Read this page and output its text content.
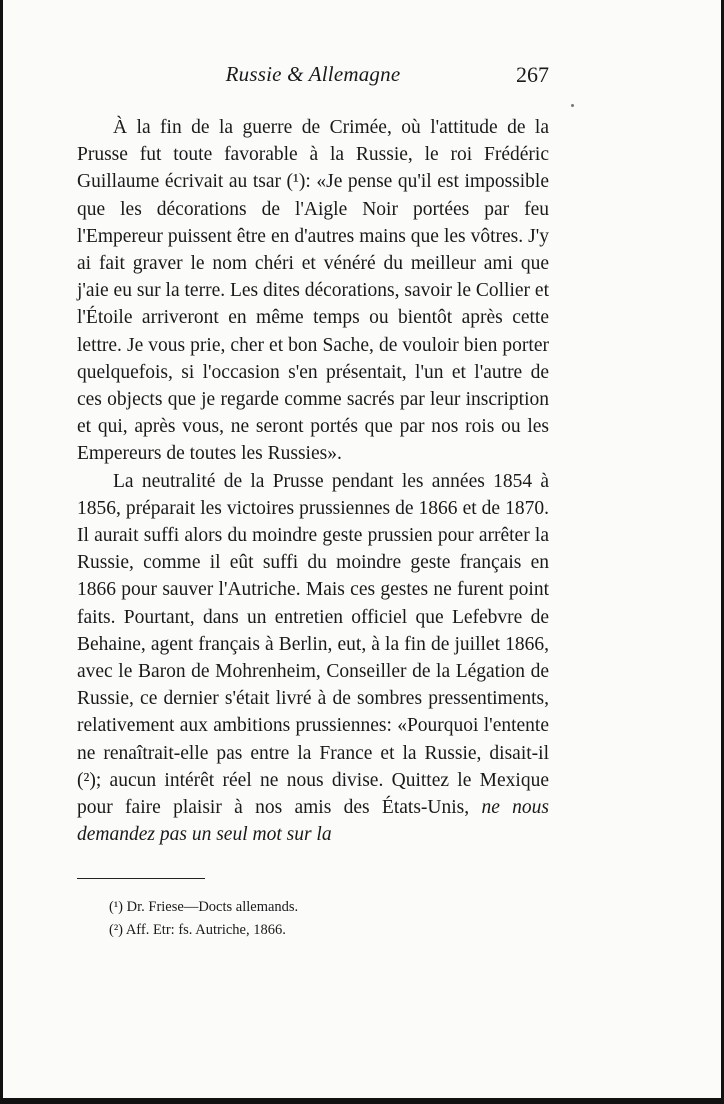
Russie & Allemagne	267

À la fin de la guerre de Crimée, où l'attitude de la Prusse fut toute favorable à la Russie, le roi Frédéric Guillaume écrivait au tsar (¹): «Je pense qu'il est impossible que les décorations de l'Aigle Noir portées par feu l'Empereur puissent être en d'autres mains que les vôtres. J'y ai fait graver le nom chéri et vénéré du meilleur ami que j'aie eu sur la terre. Les dites décorations, savoir le Collier et l'Étoile arriveront en même temps ou bientôt après cette lettre. Je vous prie, cher et bon Sache, de vouloir bien porter quelquefois, si l'occasion s'en présentait, l'un et l'autre de ces objects que je regarde comme sacrés par leur inscription et qui, après vous, ne seront portés que par nos rois ou les Empereurs de toutes les Russies».

La neutralité de la Prusse pendant les années 1854 à 1856, préparait les victoires prussiennes de 1866 et de 1870. Il aurait suffi alors du moindre geste prussien pour arrêter la Russie, comme il eût suffi du moindre geste français en 1866 pour sauver l'Autriche. Mais ces gestes ne furent point faits. Pourtant, dans un entretien officiel que Lefebvre de Behaine, agent français à Berlin, eut, à la fin de juillet 1866, avec le Baron de Mohrenheim, Conseiller de la Légation de Russie, ce dernier s'était livré à de sombres pressentiments, relativement aux ambitions prussiennes: «Pourquoi l'entente ne renaîtrait-elle pas entre la France et la Russie, disait-il (²); aucun intérêt réel ne nous divise. Quittez le Mexique pour faire plaisir à nos amis des États-Unis, ne nous demandez pas un seul mot sur la

(¹) Dr. Friese—Docts allemands.
(²) Aff. Etr: fs. Autriche, 1866.
